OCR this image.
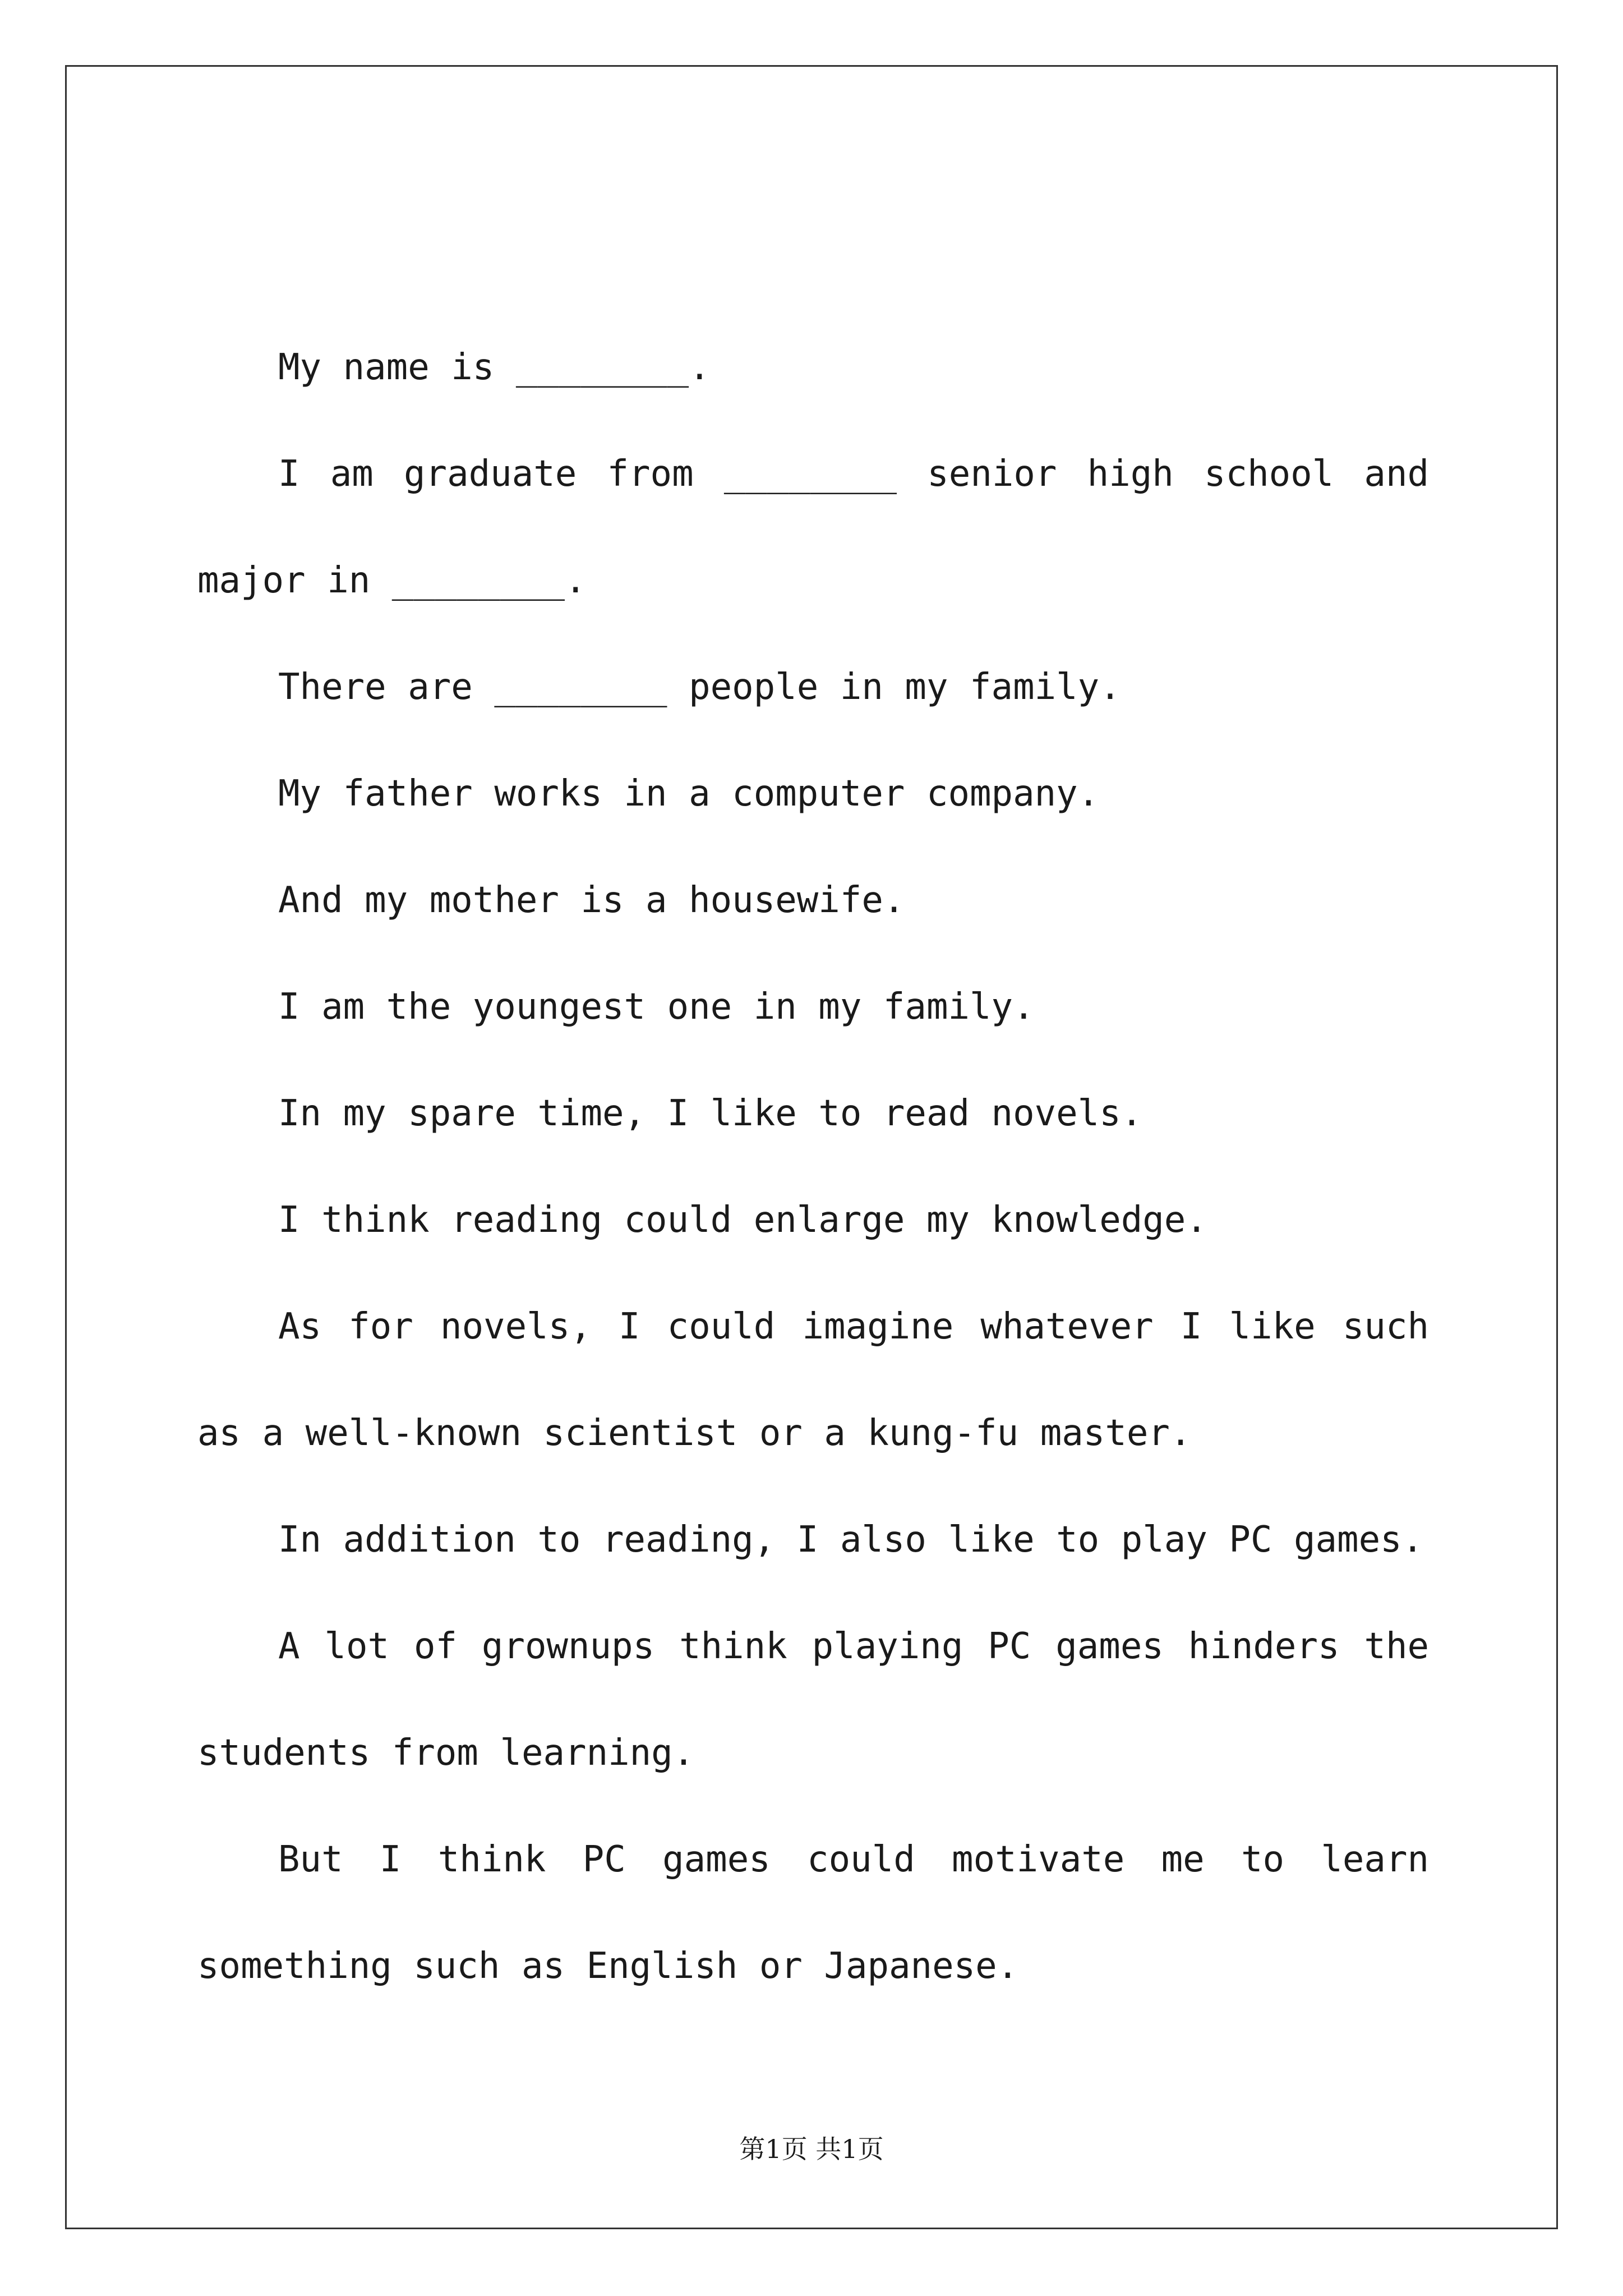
My name is ________.

I am graduate from ________ senior high school and major in ________.

There are ________ people in my family.

My father works in a computer company.

And my mother is a housewife.

I am the youngest one in my family.

In my spare time, I like to read novels.

I think reading could enlarge my knowledge.

As for novels, I could imagine whatever I like such as a well-known scientist or a kung-fu master.

In addition to reading, I also like to play PC games.

A lot of grownups think playing PC games hinders the students from learning.

But I think PC games could motivate me to learn something such as English or Japanese.

第1页 共1页
